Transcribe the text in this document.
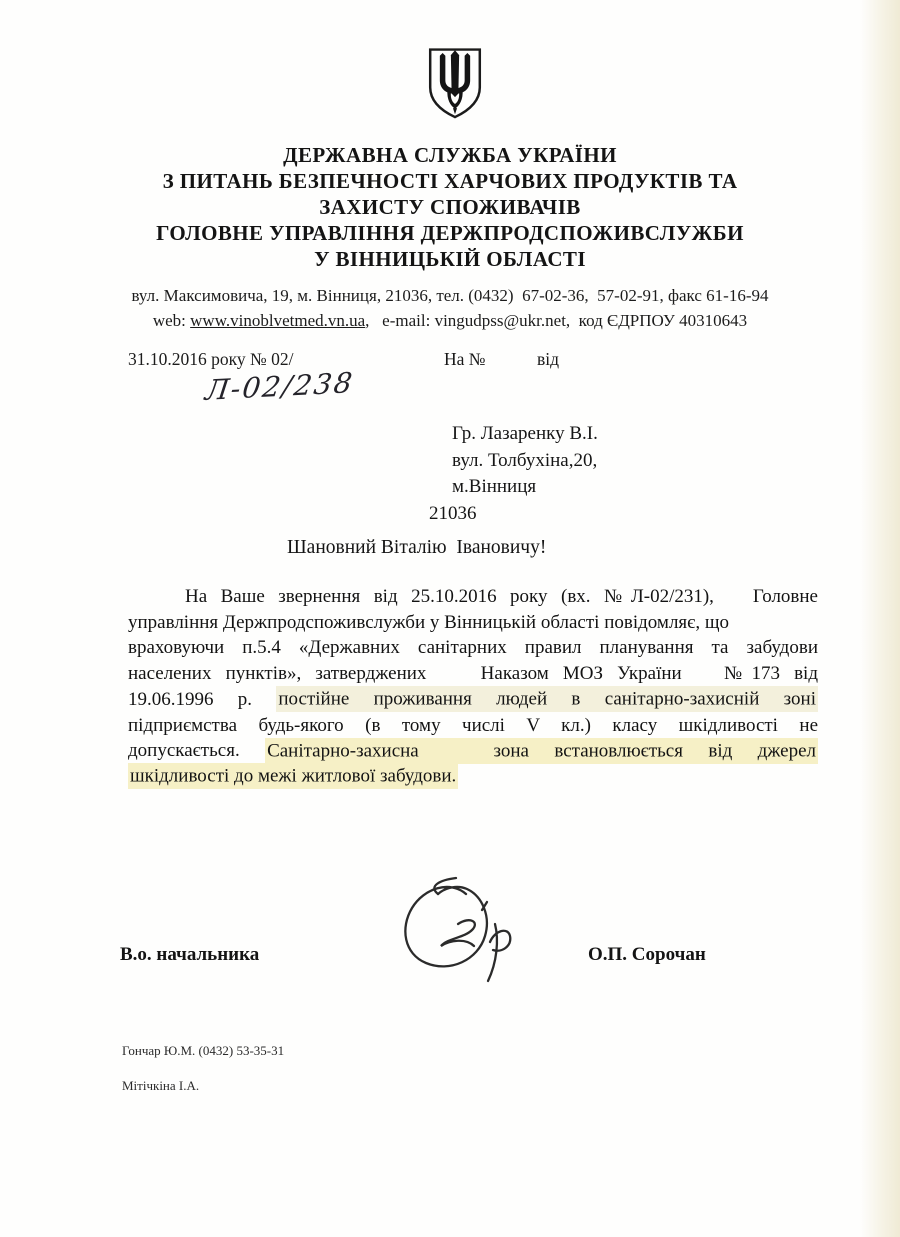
ДЕРЖАВНА СЛУЖБА УКРАЇНИ
З ПИТАНЬ БЕЗПЕЧНОСТІ ХАРЧОВИХ ПРОДУКТІВ ТА
ЗАХИСТУ СПОЖИВАЧІВ
ГОЛОВНЕ УПРАВЛІННЯ ДЕРЖПРОДСПОЖИВСЛУЖБИ
У ВІННИЦЬКІЙ ОБЛАСТІ
вул. Максимовича, 19, м. Вінниця, 21036, тел. (0432)  67-02-36,  57-02-91, факс 61-16-94
web: www.vinoblvetmed.vn.ua,   e-mail: vingudpss@ukr.net,  код ЄДРПОУ 40310643
31.10.2016 року № 02/	На №	від
Л-02/238
Гр. Лазаренку В.І.
вул. Толбухіна,20,
м.Вінниця
21036
Шановний Віталію  Івановичу!
На Ваше звернення від 25.10.2016 року (вх. №Л-02/231), Головне
управління Держпродспоживслужби у Вінницькій області повідомляє, що
враховуючи п.5.4 «Державних санітарних правил планування та забудови
населених пунктів», затверджених	Наказом МОЗ України №173 від
19.06.1996 р. постійне проживання людей в санітарно-захисній зоні
підприємства будь-якого (в тому числі V кл.) класу шкідливості не
допускається. Санітарно-захисна	зона встановлюється від джерел
шкідливості до межі житлової забудови.
В.о. начальника	О.П. Сорочан
Гончар Ю.М. (0432) 53-35-31
Мітічкіна І.А.
